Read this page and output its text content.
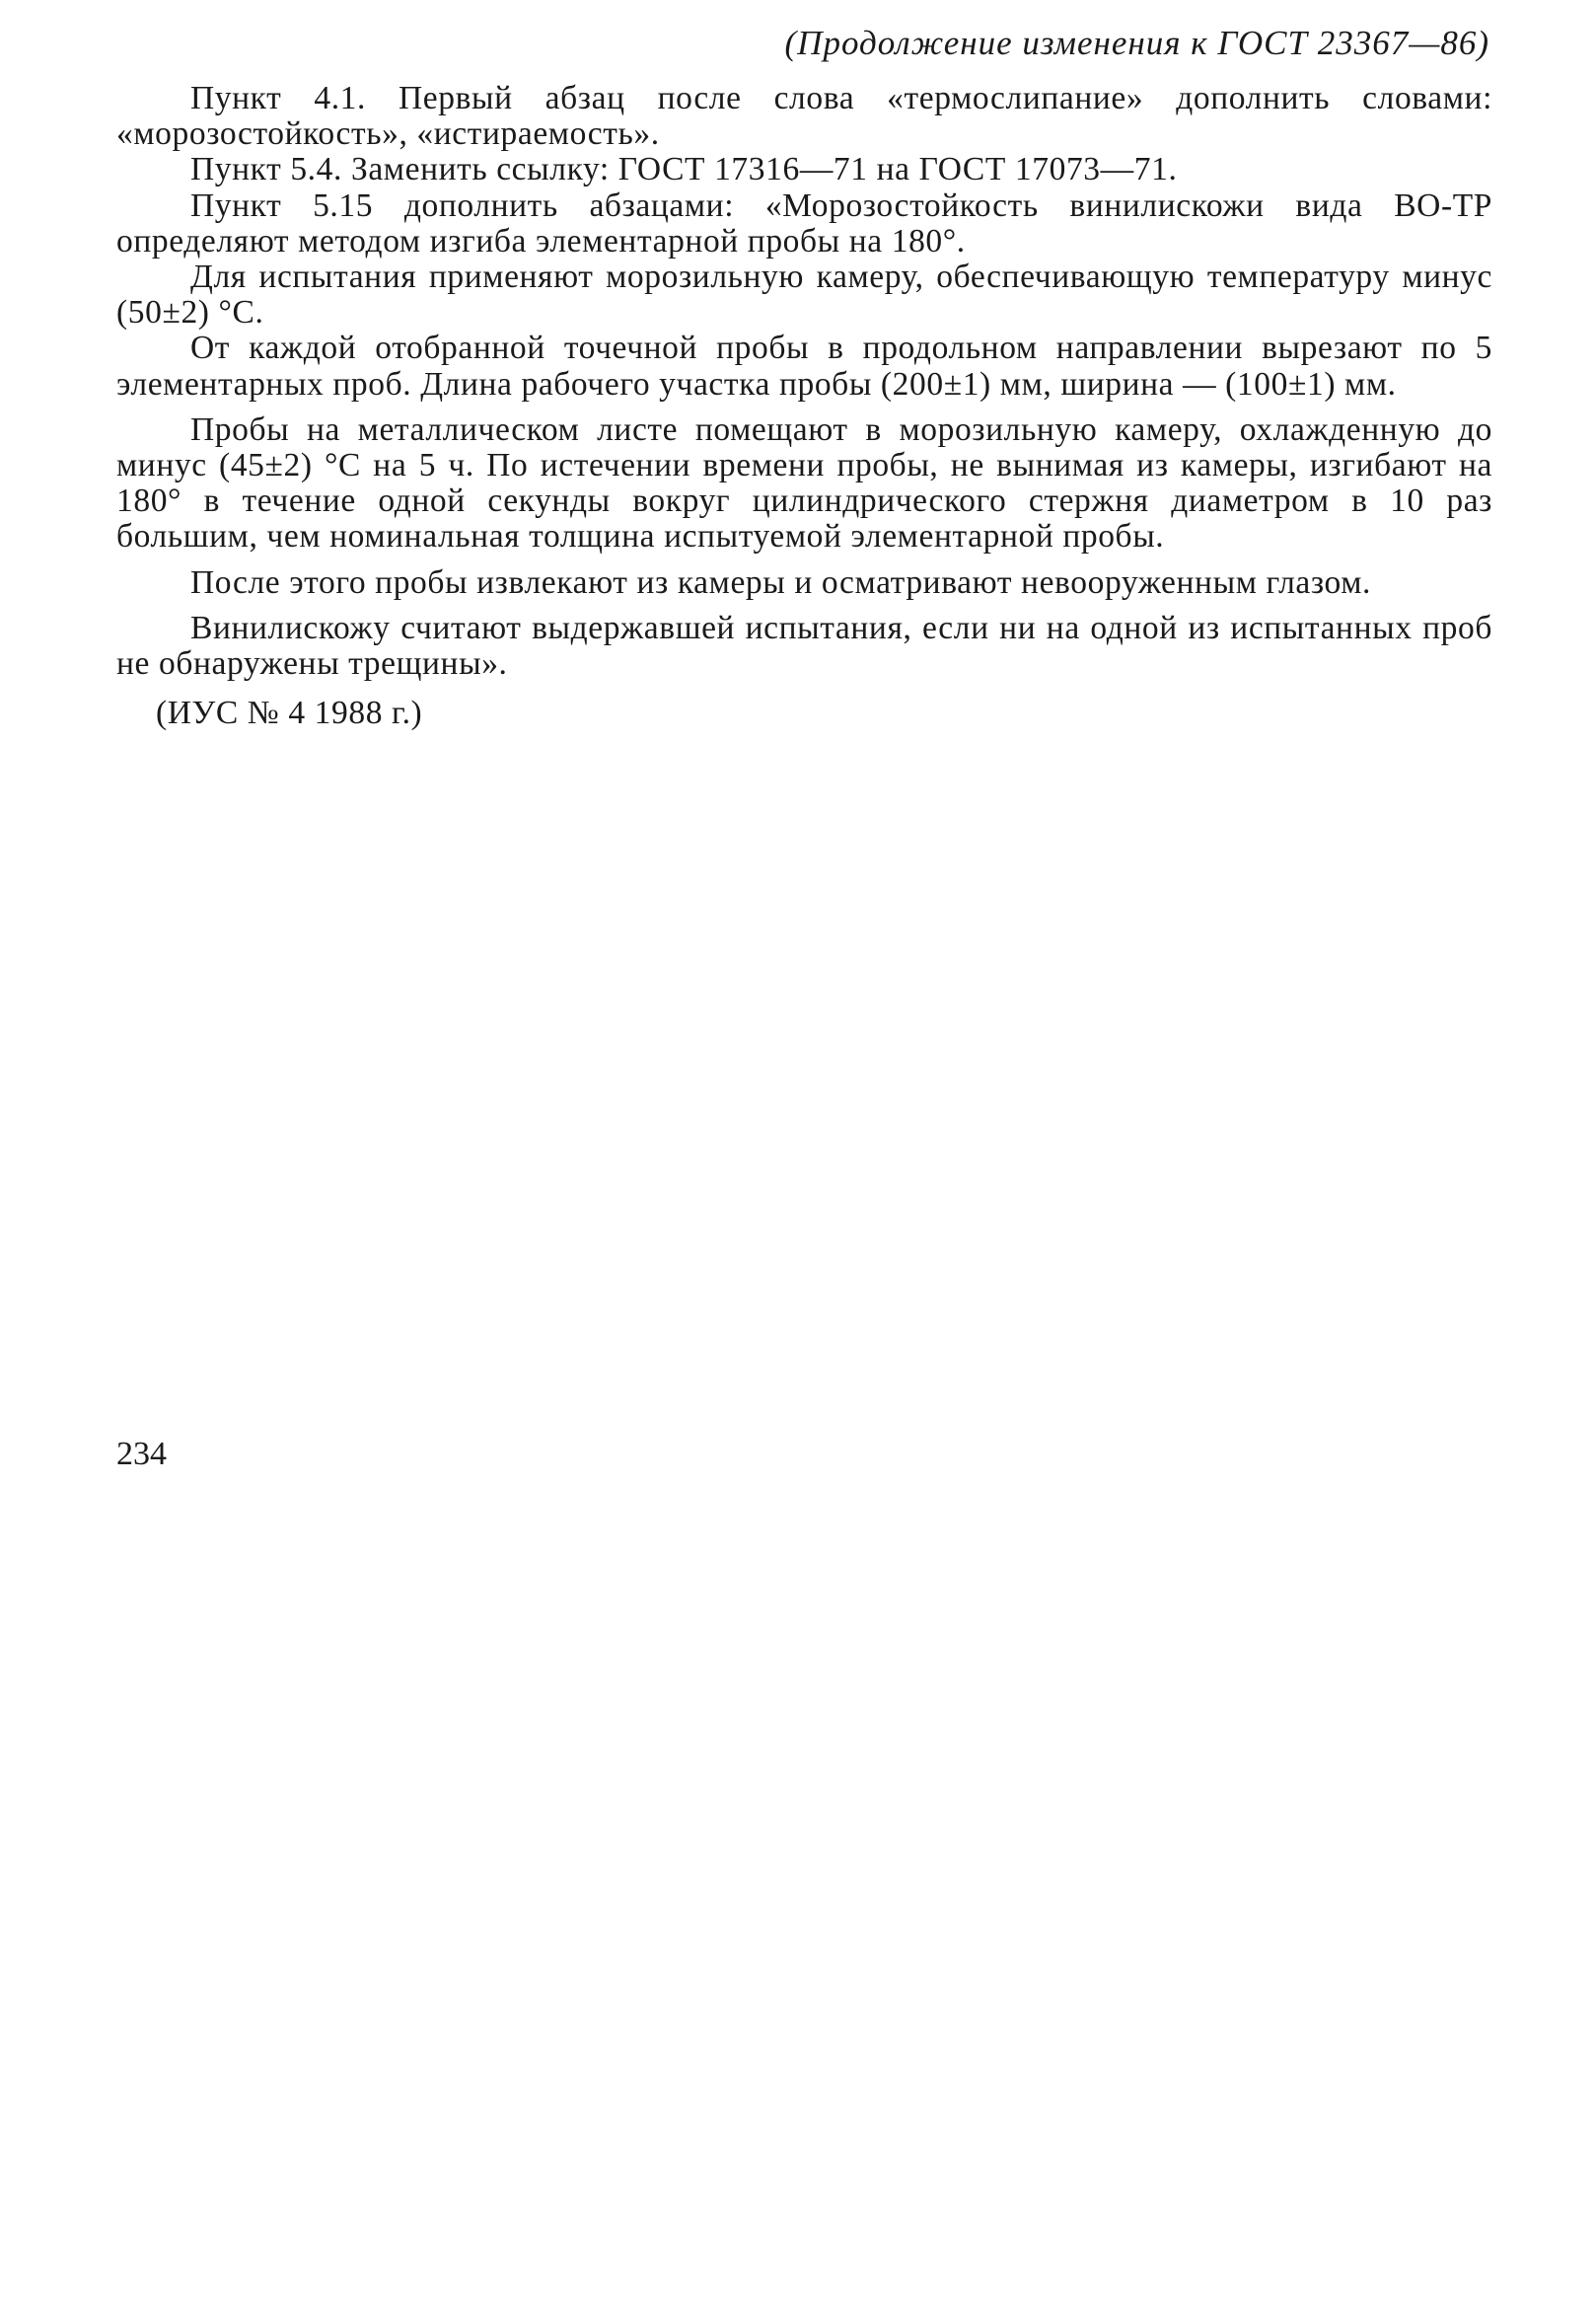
(Продолжение изменения к ГОСТ 23367—86)

Пункт 4.1. Первый абзац после слова «термослипание» дополнить словами: «морозостойкость», «истираемость».

Пункт 5.4. Заменить ссылку: ГОСТ 17316—71 на ГОСТ 17073—71.

Пункт 5.15 дополнить абзацами: «Морозостойкость винилискожи вида ВО-ТР определяют методом изгиба элементарной пробы на 180°.

Для испытания применяют морозильную камеру, обеспечивающую температуру минус (50±2) °С.

От каждой отобранной точечной пробы в продольном направлении вырезают по 5 элементарных проб. Длина рабочего участка пробы (200±1) мм, ширина — (100±1) мм.

Пробы на металлическом листе помещают в морозильную камеру, охлажденную до минус (45±2) °С на 5 ч. По истечении времени пробы, не вынимая из камеры, изгибают на 180° в течение одной секунды вокруг цилиндрического стержня диаметром в 10 раз большим, чем номинальная толщина испытуемой элементарной пробы.

После этого пробы извлекают из камеры и осматривают невооруженным глазом.

Винилискожу считают выдержавшей испытания, если ни на одной из испытанных проб не обнаружены трещины».

(ИУС № 4 1988 г.)

234
